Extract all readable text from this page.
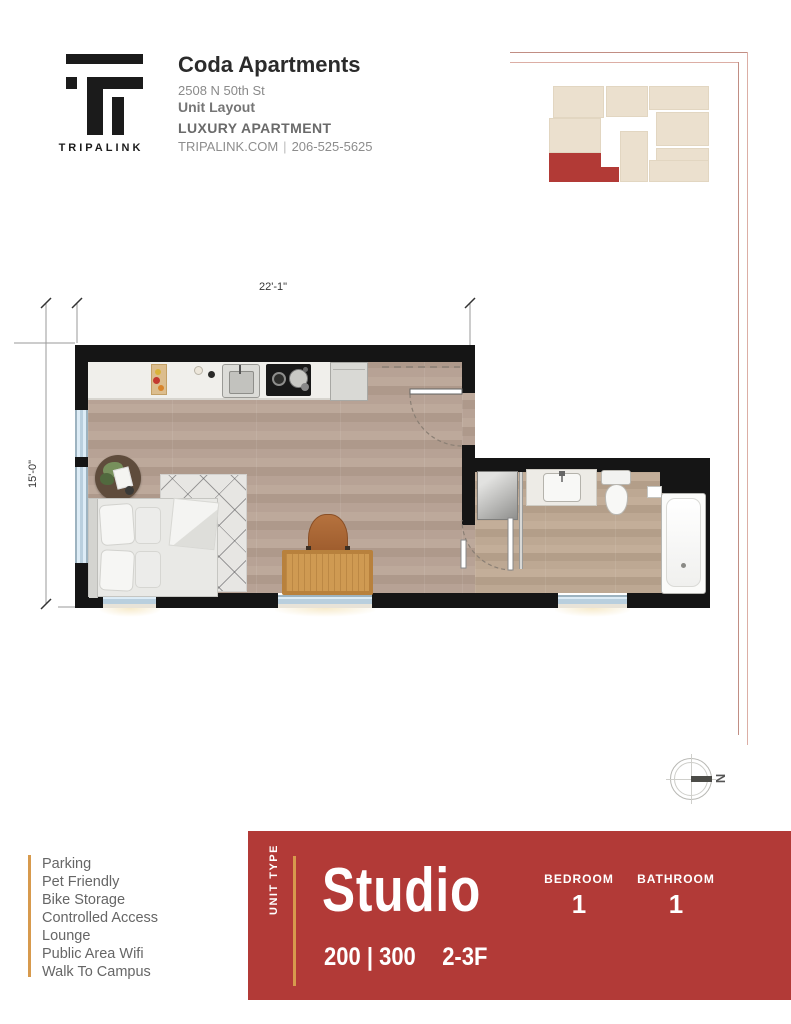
TRIPALINK
Coda Apartments
2508 N 50th St
Unit Layout
LUXURY APARTMENT
TRIPALINK.COM | 206-525-5625
22'-1"
15'-0"
N
Parking
Pet Friendly
Bike Storage
Controlled Access
Lounge
Public Area Wifi
Walk To Campus
UNIT TYPE Studio
200 | 300 2-3F
BEDROOM
1
BATHROOM
1
